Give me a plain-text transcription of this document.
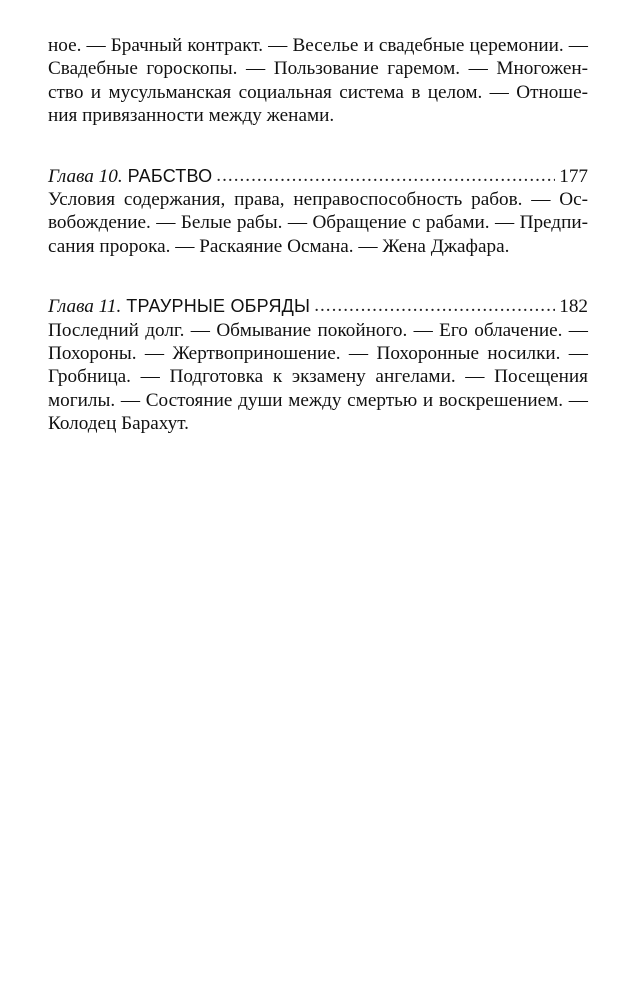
ное. — Брачный контракт. — Веселье и свадебные церемонии. —
Свадебные гороскопы. — Пользование гаремом. — Многожен-
ство и мусульманская социальная система в целом. — Отноше-
ния привязанности между женами.
Глава 10. РАБСТВО .....	177
Условия содержания, права, неправоспособность рабов. — Ос-
вобождение. — Белые рабы. — Обращение с рабами. — Предпи-
сания пророка. — Раскаяние Османа. — Жена Джафара.
Глава 11. ТРАУРНЫЕ ОБРЯДЫ .....	182
Последний долг. — Обмывание покойного. — Его облачение. —
Похороны. — Жертвоприношение. — Похоронные носилки. —
Гробница. — Подготовка к экзамену ангелами. — Посещения
могилы. — Состояние души между смертью и воскрешением. —
Колодец Барахут.
